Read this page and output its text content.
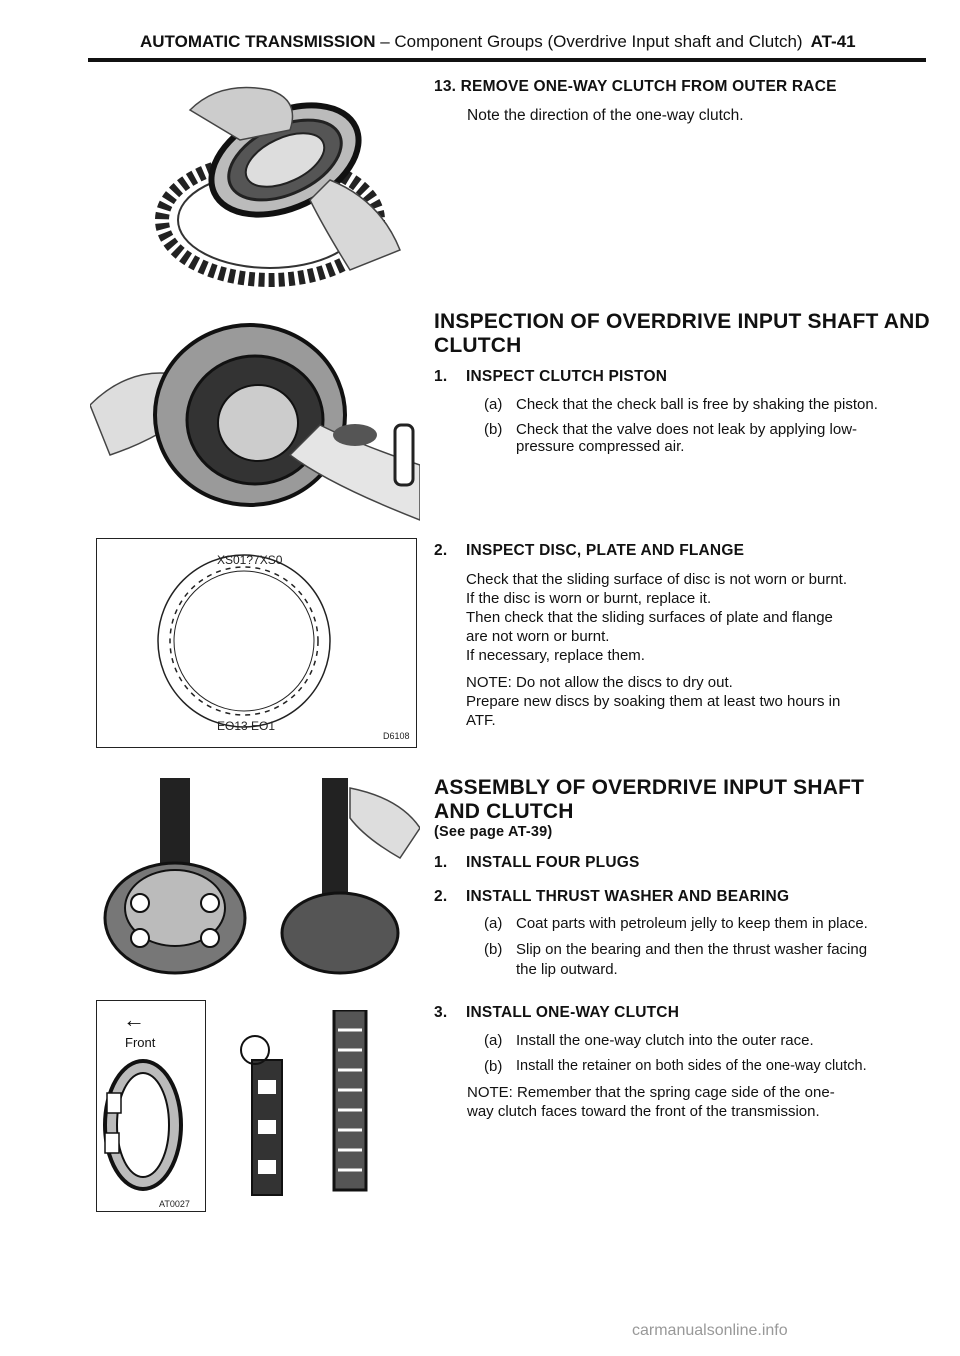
AUTOMATIC TRANSMISSION – Component Groups (Overdrive Input shaft and Clutch) AT-41
XS01?7XS0
EO13 EO1
D6108
←
Front
AT0027
13. REMOVE ONE-WAY CLUTCH FROM OUTER RACE
Note the direction of the one-way clutch.
INSPECTION OF OVERDRIVE INPUT SHAFT AND
CLUTCH
1. INSPECT CLUTCH PISTON
(a) Check that the check ball is free by shaking the piston.
(b) Check that the valve does not leak by applying low-
pressure compressed air.
2. INSPECT DISC, PLATE AND FLANGE
Check that the sliding surface of disc is not worn or burnt.
If the disc is worn or burnt, replace it.
Then check that the sliding surfaces of plate and flange
are not worn or burnt.
If necessary, replace them.
NOTE: Do not allow the discs to dry out.
Prepare new discs by soaking them at least two hours in
ATF.
ASSEMBLY OF OVERDRIVE INPUT SHAFT
AND CLUTCH
(See page AT-39)
1. INSTALL FOUR PLUGS
2. INSTALL THRUST WASHER AND BEARING
(a) Coat parts with petroleum jelly to keep them in place.
(b) Slip on the bearing and then the thrust washer facing
the lip outward.
3. INSTALL ONE-WAY CLUTCH
(a) Install the one-way clutch into the outer race.
(b) Install the retainer on both sides of the one-way clutch.
NOTE: Remember that the spring cage side of the one-
way clutch faces toward the front of the transmission.
carmanualsonline.info
